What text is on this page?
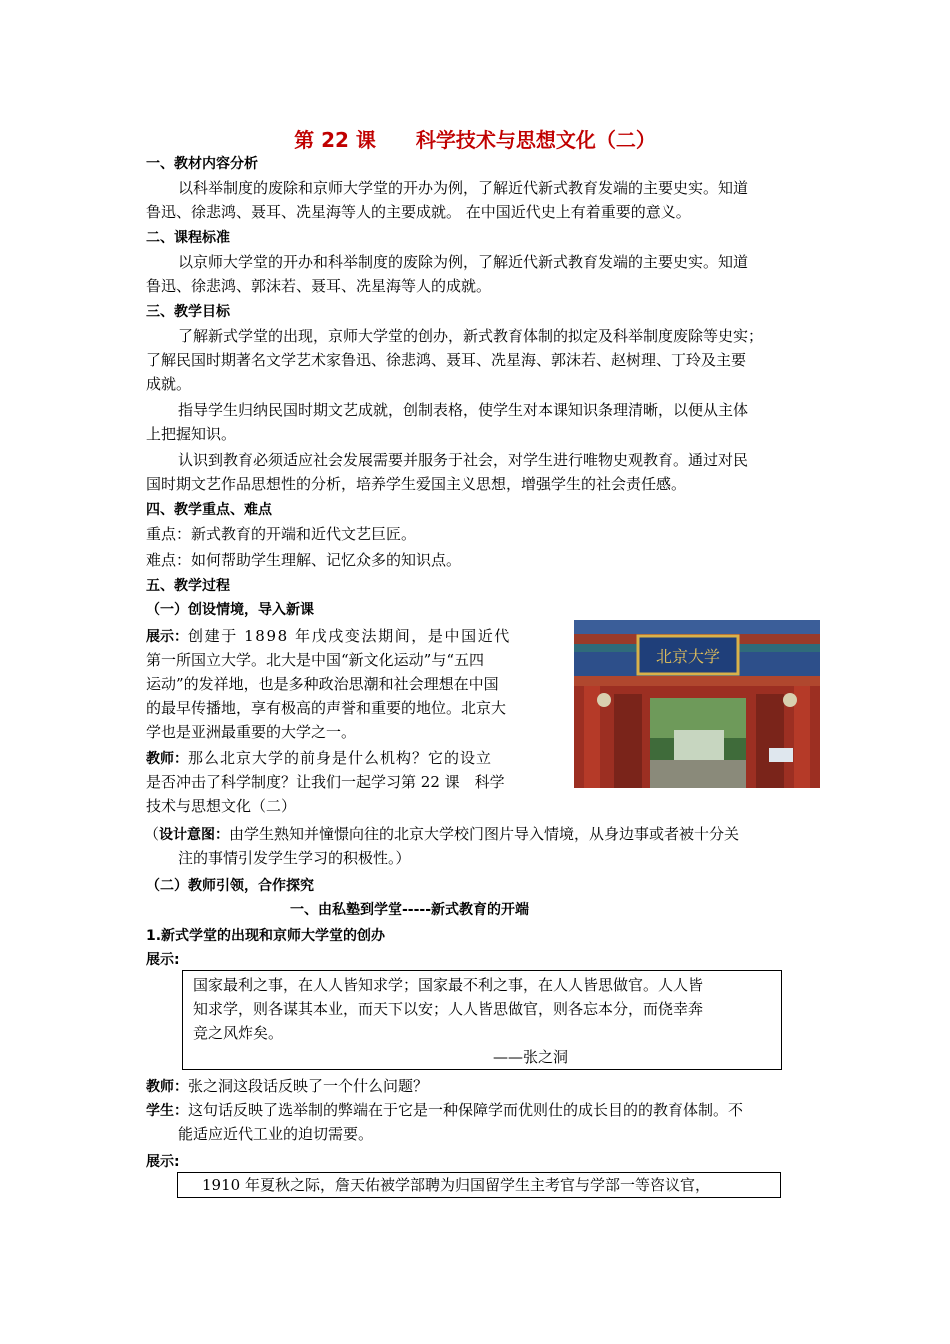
第 22 课　　科学技术与思想文化（二）
一、教材内容分析
以科举制度的废除和京师大学堂的开办为例，了解近代新式教育发端的主要史实。知道
鲁迅、徐悲鸿、聂耳、冼星海等人的主要成就。 在中国近代史上有着重要的意义。
二、课程标准
以京师大学堂的开办和科举制度的废除为例，了解近代新式教育发端的主要史实。知道
鲁迅、徐悲鸿、郭沫若、聂耳、冼星海等人的成就。
三、教学目标
了解新式学堂的出现，京师大学堂的创办，新式教育体制的拟定及科举制度废除等史实；
了解民国时期著名文学艺术家鲁迅、徐悲鸿、聂耳、冼星海、郭沫若、赵树理、丁玲及主要
成就。
指导学生归纳民国时期文艺成就，创制表格，使学生对本课知识条理清晰，以便从主体
上把握知识。
认识到教育必须适应社会发展需要并服务于社会，对学生进行唯物史观教育。通过对民
国时期文艺作品思想性的分析，培养学生爱国主义思想，增强学生的社会责任感。
四、教学重点、难点
重点：新式教育的开端和近代文艺巨匠。
难点：如何帮助学生理解、记忆众多的知识点。
五、教学过程
（一）创设情境，导入新课
展示：创建于 1898 年戊戌变法期间，是中国近代
第一所国立大学。北大是中国“新文化运动”与“五四
运动”的发祥地，也是多种政治思潮和社会理想在中国
的最早传播地，享有极高的声誉和重要的地位。北京大
学也是亚洲最重要的大学之一。
教师：那么北京大学的前身是什么机构？它的设立
是否冲击了科学制度？让我们一起学习第 22 课　科学
技术与思想文化（二）
（设计意图：由学生熟知并憧憬向往的北京大学校门图片导入情境，从身边事或者被十分关
注的事情引发学生学习的积极性。）
（二）教师引领，合作探究
一、由私塾到学堂-----新式教育的开端
1.新式学堂的出现和京师大学堂的创办
展示:
国家最利之事，在人人皆知求学；国家最不利之事，在人人皆思做官。人人皆
知求学，则各谋其本业，而天下以安；人人皆思做官，则各忘本分，而侥幸奔
竞之风炸矣。
——张之洞
教师：张之洞这段话反映了一个什么问题？
学生：这句话反映了选举制的弊端在于它是一种保障学而优则仕的成长目的的教育体制。不
能适应近代工业的迫切需要。
展示:
1910 年夏秋之际，詹天佑被学部聘为归国留学生主考官与学部一等咨议官，
北京大学
